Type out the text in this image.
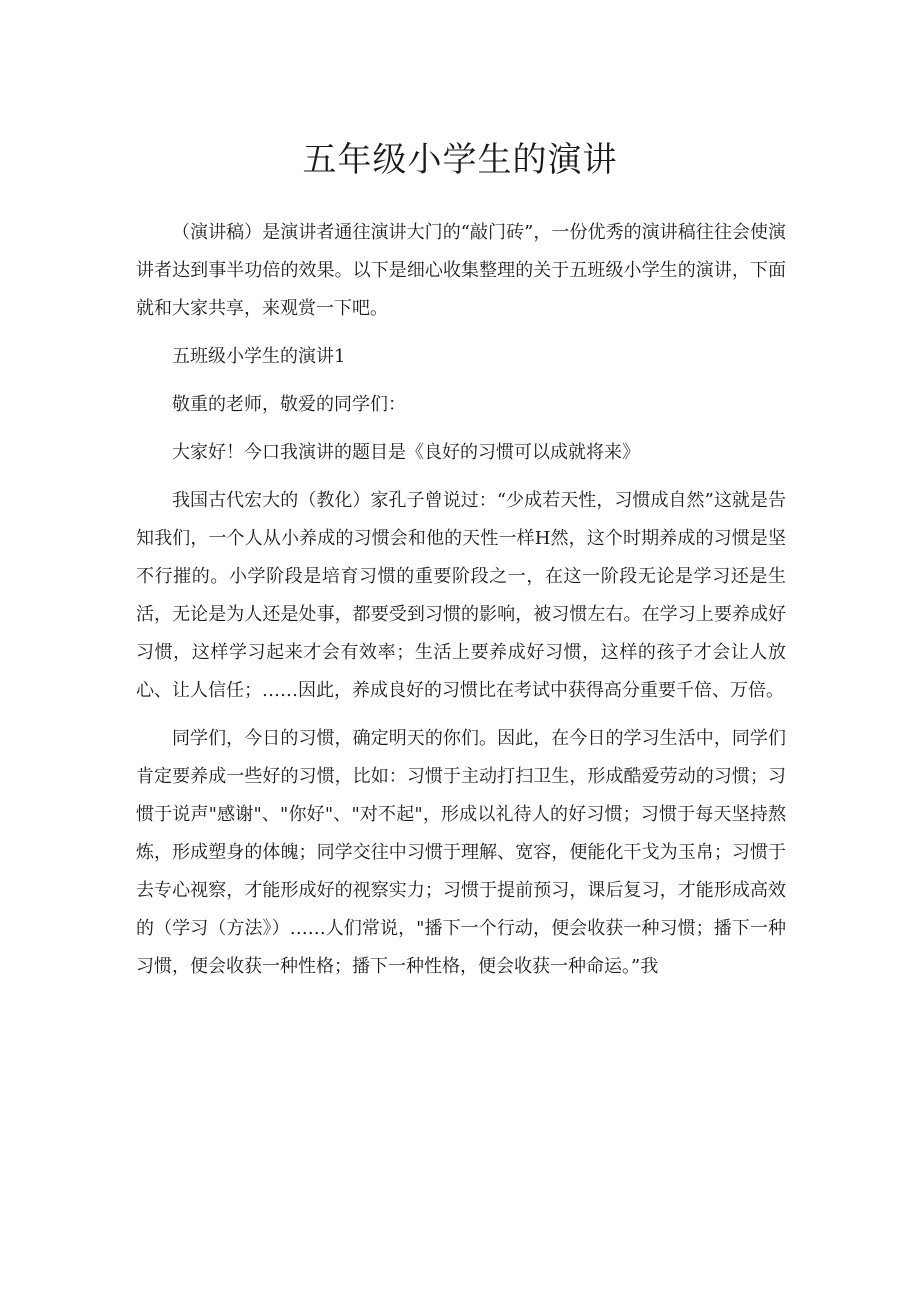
五年级小学生的演讲

（演讲稿）是演讲者通往演讲大门的“敲门砖”，一份优秀的演讲稿往往会使演讲者达到事半功倍的效果。以下是细心收集整理的关于五班级小学生的演讲，下面就和大家共享，来观赏一下吧。

五班级小学生的演讲1

敬重的老师，敬爱的同学们：

大家好！今口我演讲的题目是《良好的习惯可以成就将来》

我国古代宏大的（教化）家孔子曾说过：“少成若天性，习惯成自然”这就是告知我们，一个人从小养成的习惯会和他的天性一样H然，这个时期养成的习惯是坚不行摧的。小学阶段是培育习惯的重要阶段之一，在这一阶段无论是学习还是生活，无论是为人还是处事，都要受到习惯的影响，被习惯左右。在学习上要养成好习惯，这样学习起来才会有效率；生活上要养成好习惯，这样的孩子才会让人放心、让人信任；……因此，养成良好的习惯比在考试中获得高分重要千倍、万倍。

同学们，今日的习惯，确定明天的你们。因此，在今日的学习生活中，同学们肯定要养成一些好的习惯，比如：习惯于主动打扫卫生，形成酷爱劳动的习惯；习惯于说声"感谢"、"你好"、"对不起"，形成以礼待人的好习惯；习惯于每天坚持熬炼，形成塑身的体魄；同学交往中习惯于理解、宽容，便能化干戈为玉帛；习惯于去专心视察，才能形成好的视察实力；习惯于提前预习，课后复习，才能形成高效的（学习（方法》）……人们常说，"播下一个行动，便会收获一种习惯；播下一种习惯，便会收获一种性格；播下一种性格，便会收获一种命运。”我
